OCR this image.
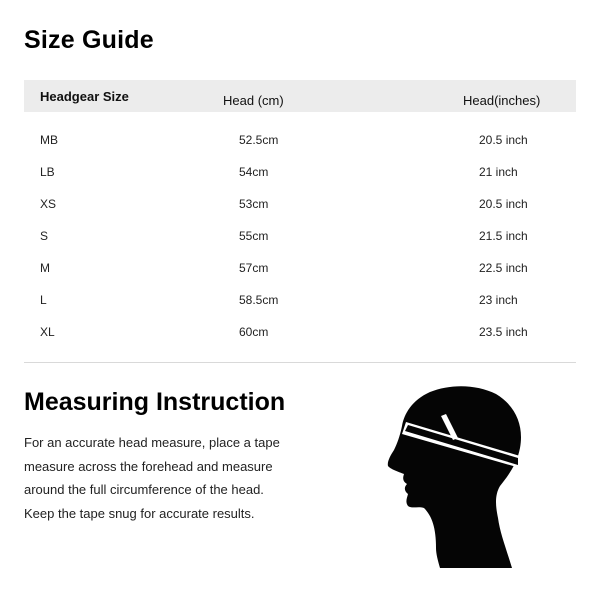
Size Guide
Headgear Size	Head (cm)	Head(inches)
MB	52.5cm	20.5 inch
LB	54cm	21 inch
XS	53cm	20.5 inch
S	55cm	21.5 inch
M	57cm	22.5 inch
L	58.5cm	23 inch
XL	60cm	23.5 inch
Measuring Instruction
For an accurate head measure, place a tape
measure across the forehead and measure
around the full circumference of the head.
Keep the tape snug for accurate results.
